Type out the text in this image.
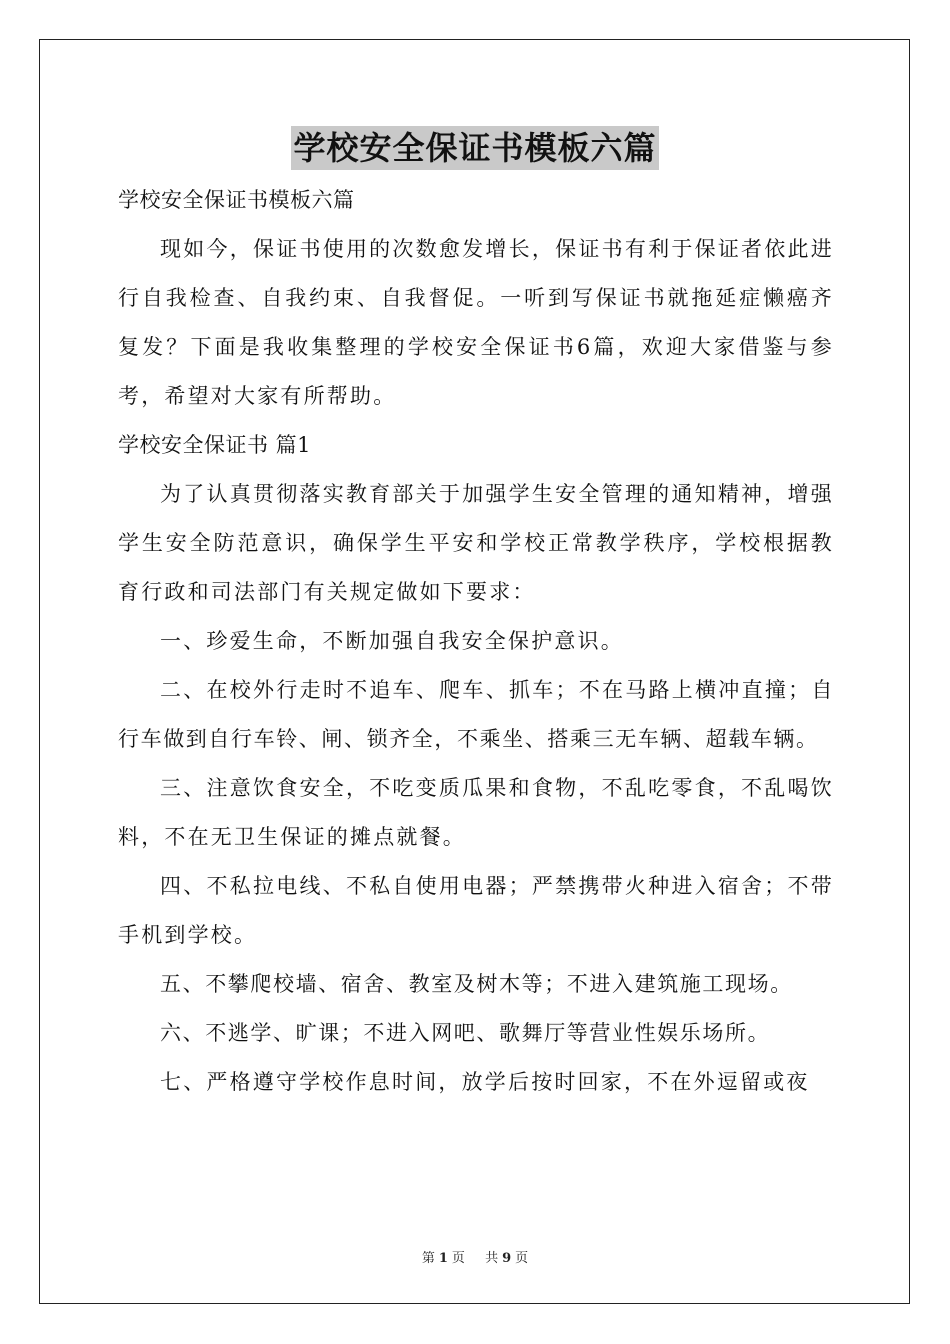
学校安全保证书模板六篇
学校安全保证书模板六篇

现如今，保证书使用的次数愈发增长，保证书有利于保证者依此进行自我检查、自我约束、自我督促。一听到写保证书就拖延症懒癌齐复发？下面是我收集整理的学校安全保证书6篇，欢迎大家借鉴与参考，希望对大家有所帮助。

学校安全保证书 篇1

为了认真贯彻落实教育部关于加强学生安全管理的通知精神，增强学生安全防范意识，确保学生平安和学校正常教学秩序，学校根据教育行政和司法部门有关规定做如下要求：

一、珍爱生命，不断加强自我安全保护意识。

二、在校外行走时不追车、爬车、抓车；不在马路上横冲直撞；自行车做到自行车铃、闸、锁齐全，不乘坐、搭乘三无车辆、超载车辆。

三、注意饮食安全，不吃变质瓜果和食物，不乱吃零食，不乱喝饮料，不在无卫生保证的摊点就餐。

四、不私拉电线、不私自使用电器；严禁携带火种进入宿舍；不带手机到学校。

五、不攀爬校墙、宿舍、教室及树木等；不进入建筑施工现场。

六、不逃学、旷课；不进入网吧、歌舞厅等营业性娱乐场所。

七、严格遵守学校作息时间，放学后按时回家，不在外逗留或夜

第 1 页 共 9 页
